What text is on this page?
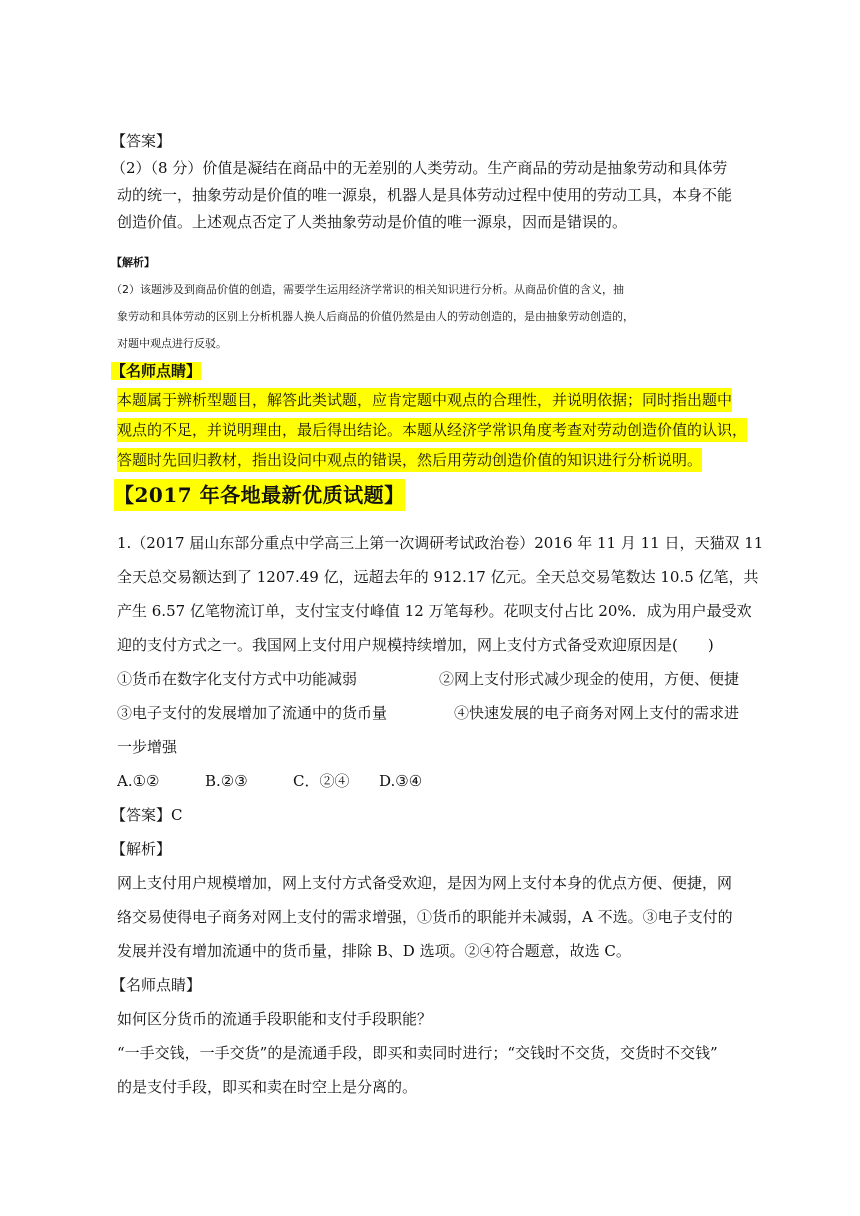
【答案】
（2）（8 分）价值是凝结在商品中的无差别的人类劳动。生产商品的劳动是抽象劳动和具体劳
动的统一，抽象劳动是价值的唯一源泉，机器人是具体劳动过程中使用的劳动工具，本身不能
创造价值。上述观点否定了人类抽象劳动是价值的唯一源泉，因而是错误的。
【解析】
（2）该题涉及到商品价值的创造，需要学生运用经济学常识的相关知识进行分析。从商品价值的含义，抽
象劳动和具体劳动的区别上分析机器人换人后商品的价值仍然是由人的劳动创造的，是由抽象劳动创造的，
对题中观点进行反驳。
【名师点睛】
本题属于辨析型题目，解答此类试题，应肯定题中观点的合理性，并说明依据；同时指出题中
观点的不足，并说明理由，最后得出结论。本题从经济学常识角度考查对劳动创造价值的认识，
答题时先回归教材，指出设问中观点的错误，然后用劳动创造价值的知识进行分析说明。
【2017 年各地最新优质试题】
1.（2017 届山东部分重点中学高三上第一次调研考试政治卷）2016 年 11 月 11 日，天猫双 11
全天总交易额达到了 1207.49 亿，远超去年的 912.17 亿元。全天总交易笔数达 10.5 亿笔，共
产生 6.57 亿笔物流订单，支付宝支付峰值 12 万笔每秒。花呗支付占比 20%．成为用户最受欢
迎的支付方式之一。我国网上支付用户规模持续增加，网上支付方式备受欢迎原因是(　　)
①货币在数字化支付方式中功能减弱	②网上支付形式减少现金的使用，方便、便捷
③电子支付的发展增加了流通中的货币量	④快速发展的电子商务对网上支付的需求进
一步增强
A.①②	B.②③	C．②④	D.③④
【答案】C
【解析】
网上支付用户规模增加，网上支付方式备受欢迎，是因为网上支付本身的优点方便、便捷，网
络交易使得电子商务对网上支付的需求增强，①货币的职能并未减弱，A 不选。③电子支付的
发展并没有增加流通中的货币量，排除 B、D 选项。②④符合题意，故选 C。
【名师点睛】
如何区分货币的流通手段职能和支付手段职能？
“一手交钱，一手交货”的是流通手段，即买和卖同时进行；“交钱时不交货，交货时不交钱”
的是支付手段，即买和卖在时空上是分离的。
